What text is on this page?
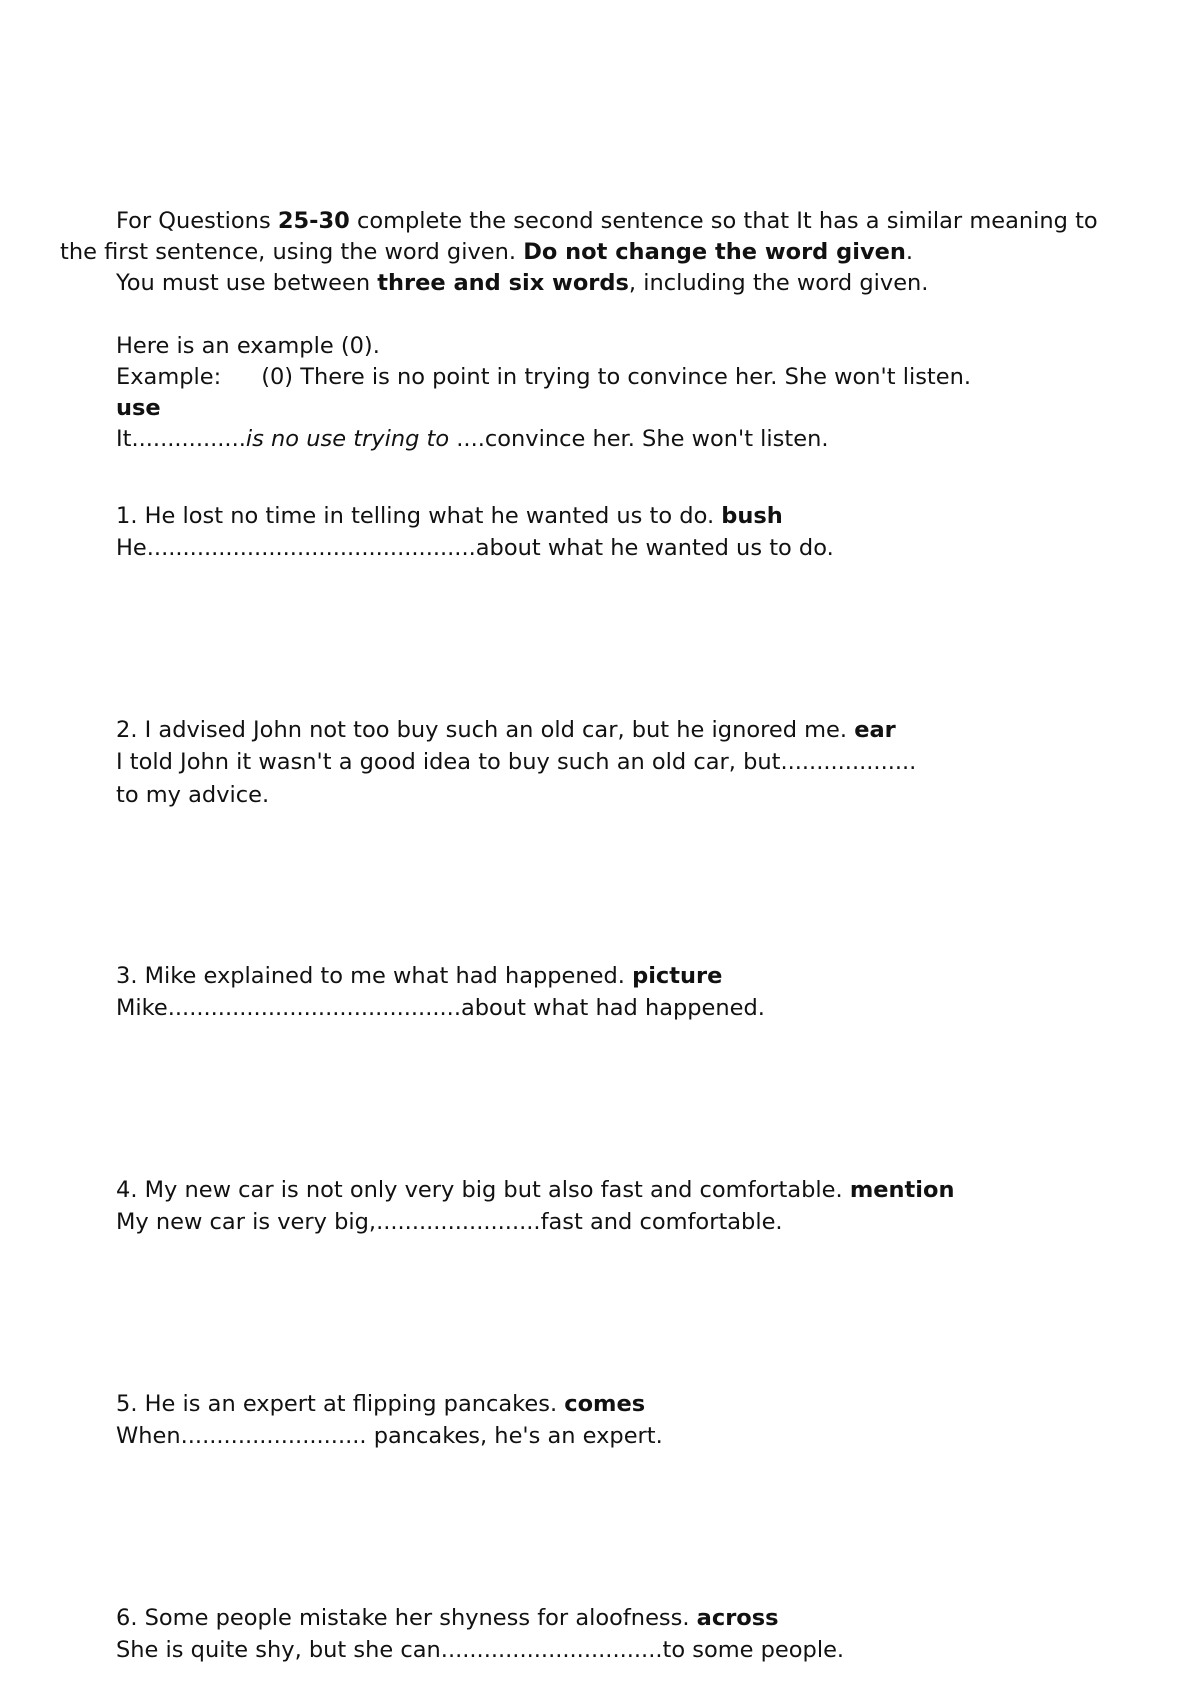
For Questions 25-30 complete the second sentence so that It has a similar meaning to
the first sentence, using the word given. Do not change the word given.
You must use between three and six words, including the word given.
Here is an example (0).
Example: (0) There is no point in trying to convince her. She won't listen.
use
It................is no use trying to ....convince her. She won't listen.
1. He lost no time in telling what he wanted us to do. bush
He..............................................about what he wanted us to do.
2. I advised John not too buy such an old car, but he ignored me. ear
I told John it wasn't a good idea to buy such an old car, but...................
to my advice.
3. Mike explained to me what had happened. picture
Mike.........................................about what had happened.
4. My new car is not only very big but also fast and comfortable. mention
My new car is very big,.......................fast and comfortable.
5. He is an expert at flipping pancakes. comes
When.......................... pancakes, he's an expert.
6. Some people mistake her shyness for aloofness. across
She is quite shy, but she can...............................to some people.
